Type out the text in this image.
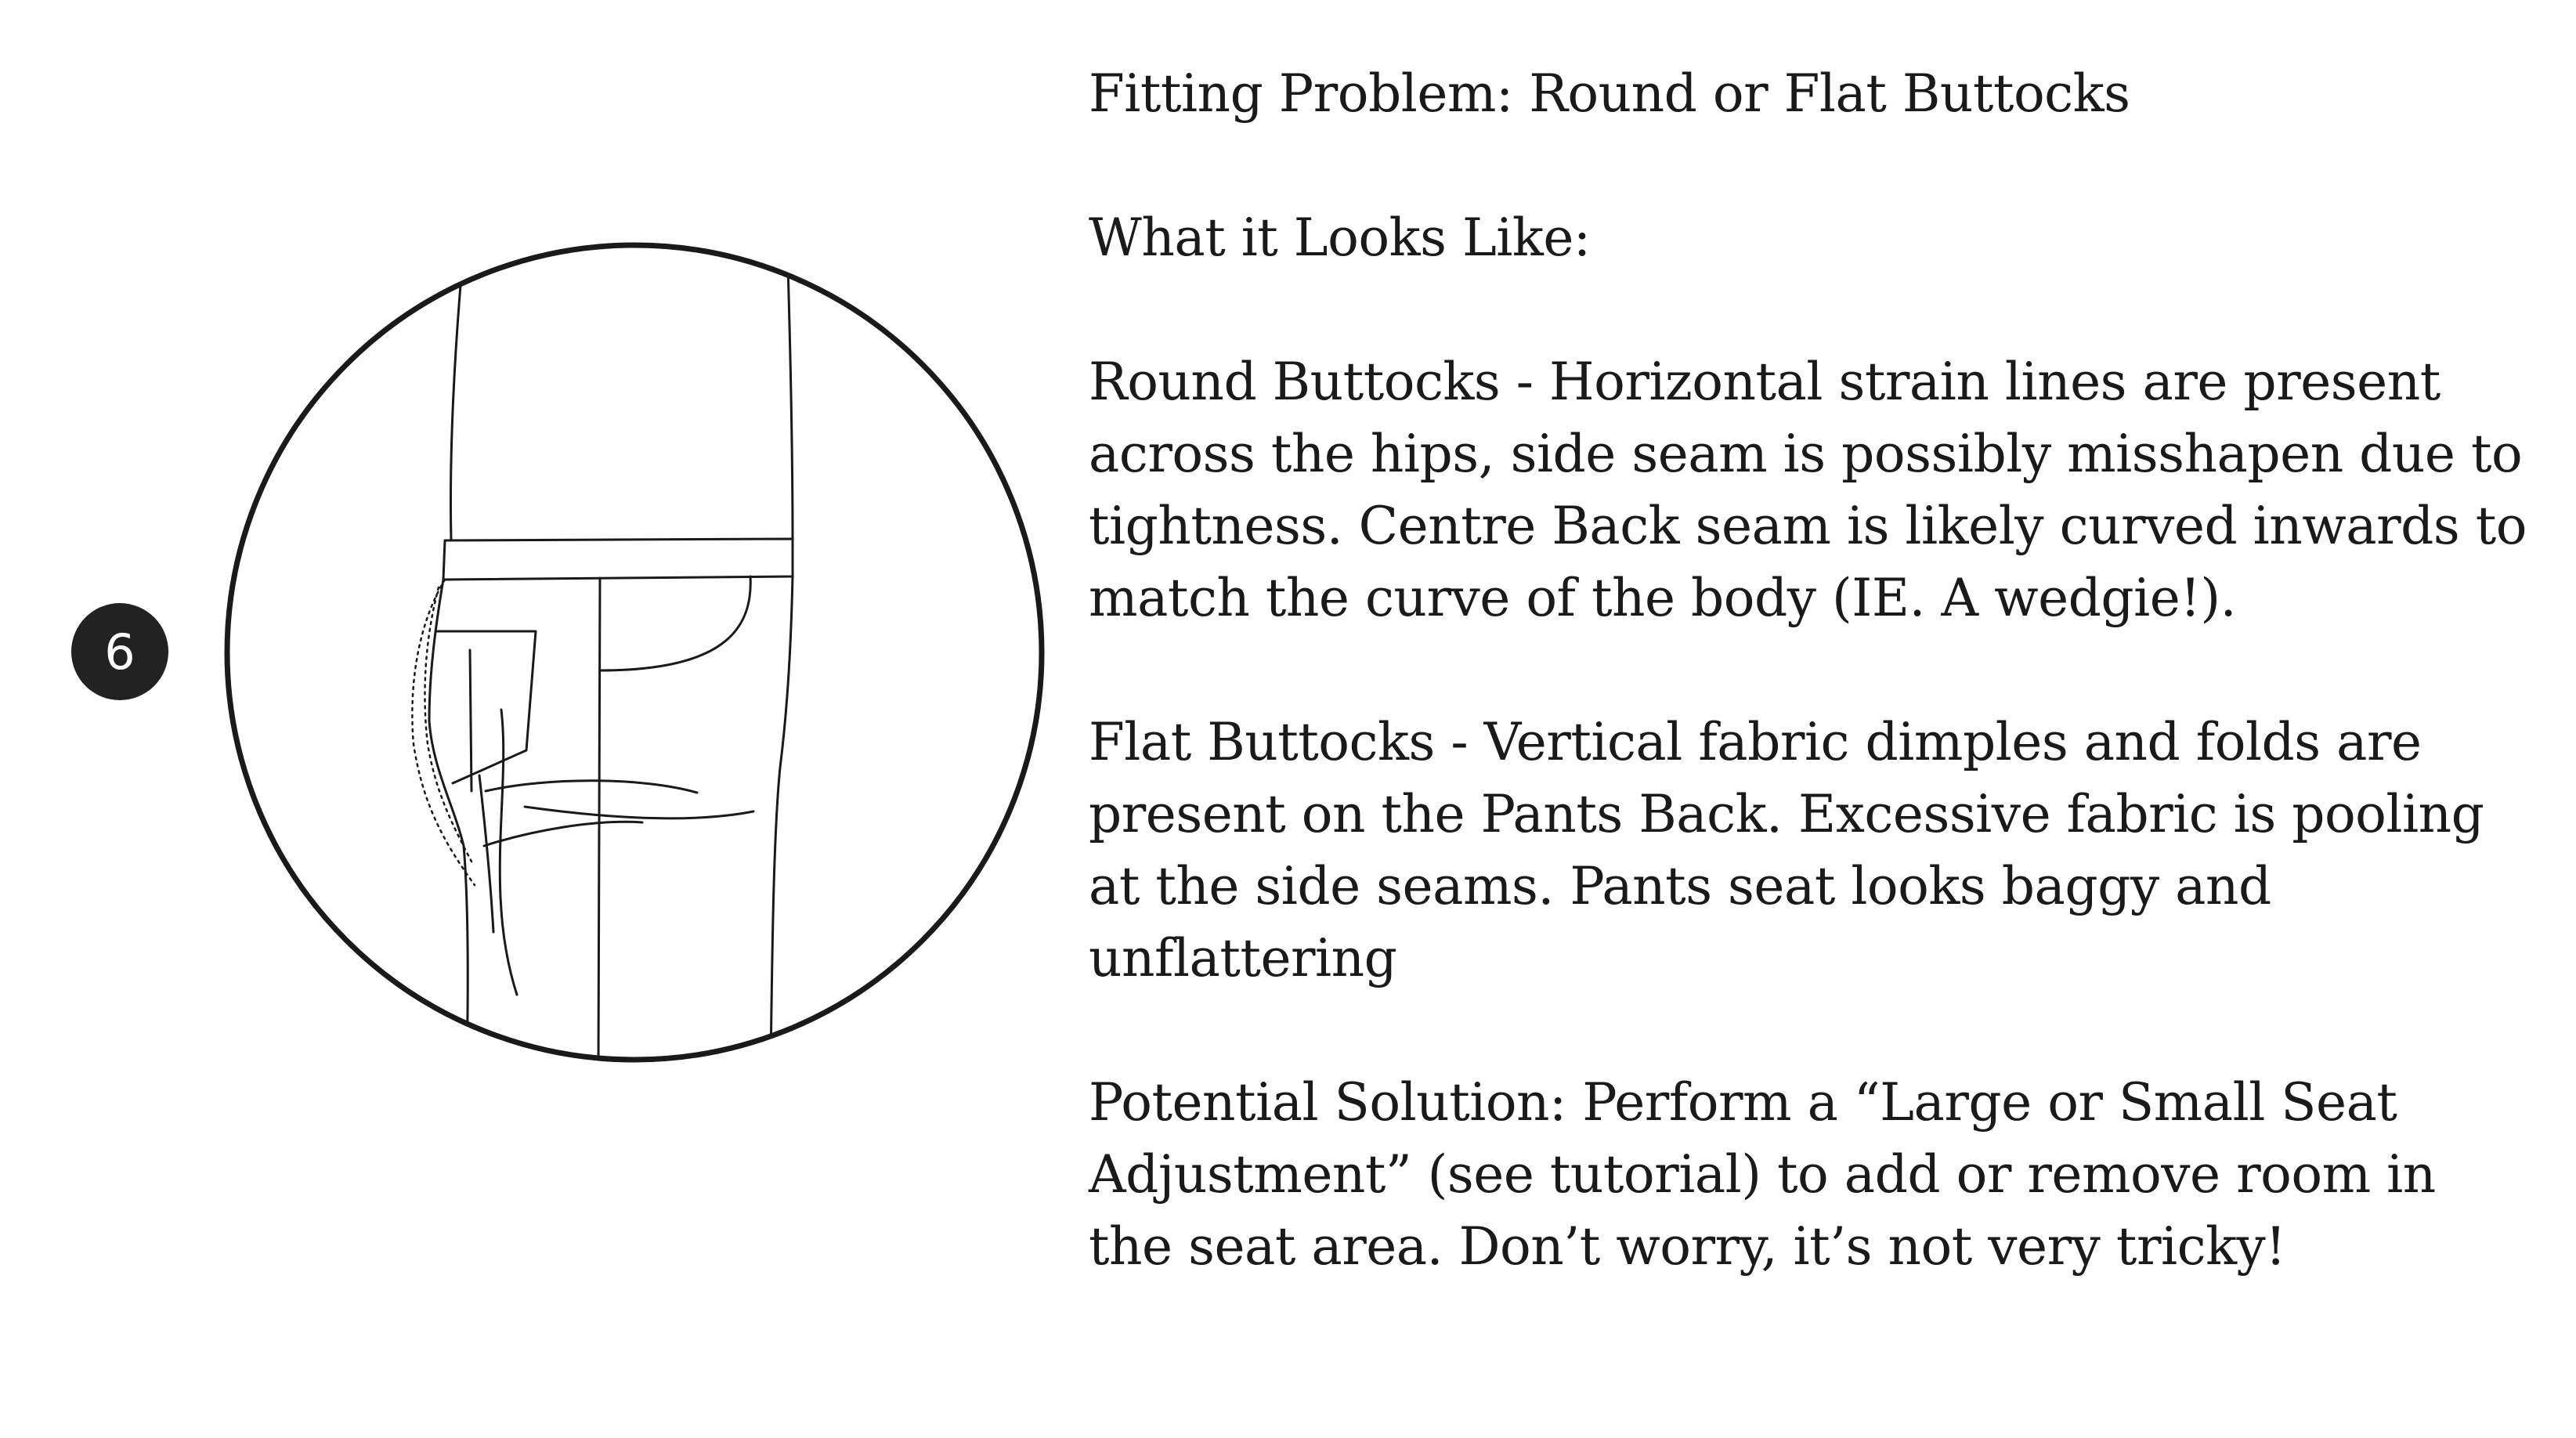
6

Fitting Problem: Round or Flat Buttocks

What it Looks Like:

Round Buttocks - Horizontal strain lines are present across the hips, side seam is possibly misshapen due to tightness. Centre Back seam is likely curved inwards to match the curve of the body (IE. A wedgie!).

Flat Buttocks - Vertical fabric dimples and folds are present on the Pants Back. Excessive fabric is pooling at the side seams. Pants seat looks baggy and unflattering

Potential Solution: Perform a “Large or Small Seat Adjustment” (see tutorial) to add or remove room in the seat area. Don’t worry, it’s not very tricky!
